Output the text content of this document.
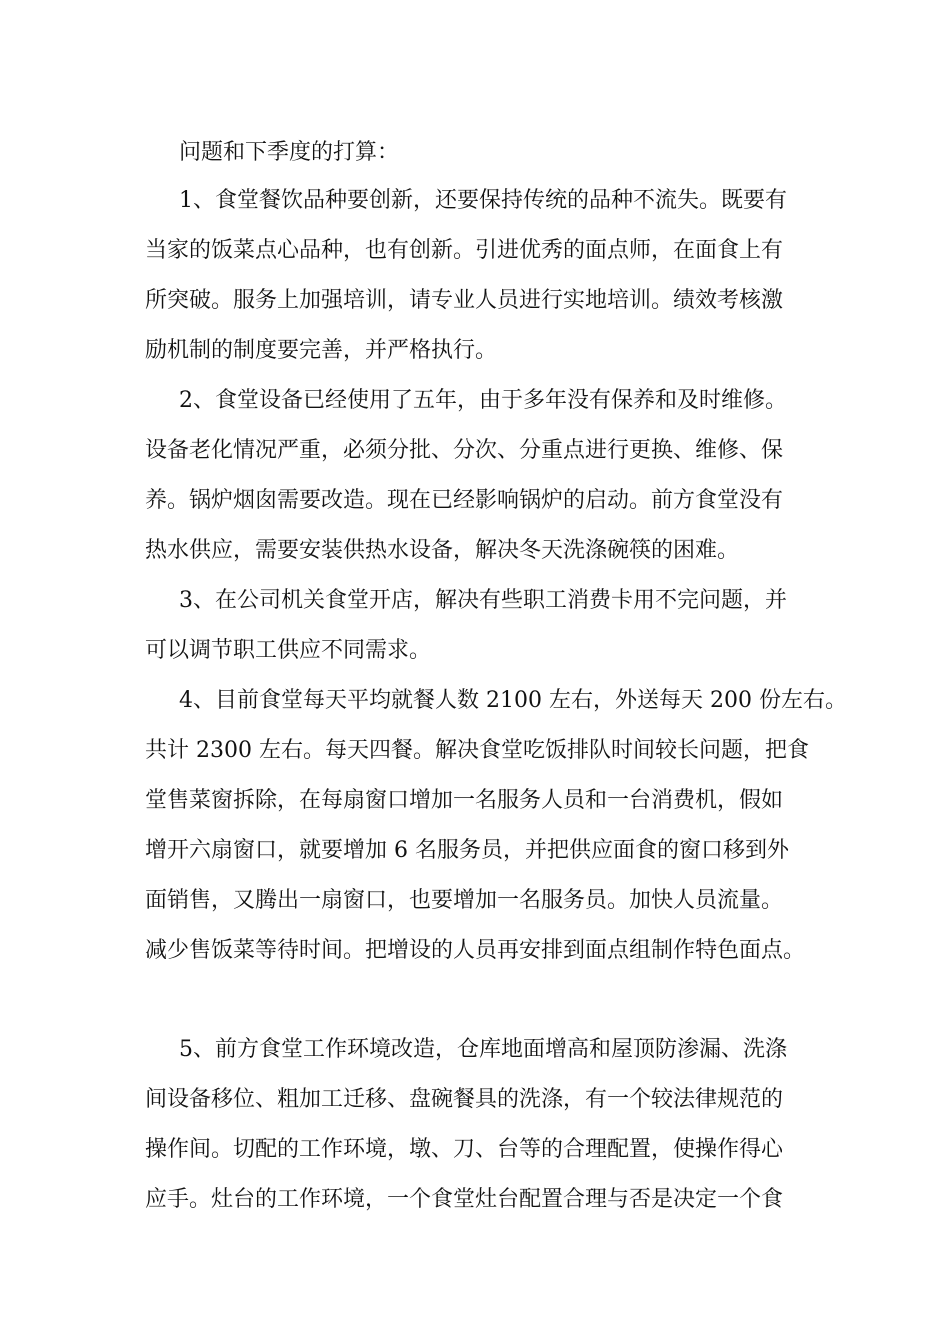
问题和下季度的打算：

1、食堂餐饮品种要创新，还要保持传统的品种不流失。既要有

当家的饭菜点心品种，也有创新。引进优秀的面点师，在面食上有

所突破。服务上加强培训，请专业人员进行实地培训。绩效考核激

励机制的制度要完善，并严格执行。

2、食堂设备已经使用了五年，由于多年没有保养和及时维修。

设备老化情况严重，必须分批、分次、分重点进行更换、维修、保

养。锅炉烟囱需要改造。现在已经影响锅炉的启动。前方食堂没有

热水供应，需要安装供热水设备，解决冬天洗涤碗筷的困难。

3、在公司机关食堂开店，解决有些职工消费卡用不完问题，并

可以调节职工供应不同需求。

4、目前食堂每天平均就餐人数 2100 左右，外送每天 200 份左右。

共计 2300 左右。每天四餐。解决食堂吃饭排队时间较长问题，把食

堂售菜窗拆除，在每扇窗口增加一名服务人员和一台消费机，假如

增开六扇窗口，就要增加 6 名服务员，并把供应面食的窗口移到外

面销售，又腾出一扇窗口，也要增加一名服务员。加快人员流量。

减少售饭菜等待时间。把增设的人员再安排到面点组制作特色面点。

5、前方食堂工作环境改造，仓库地面增高和屋顶防渗漏、洗涤

间设备移位、粗加工迁移、盘碗餐具的洗涤，有一个较法律规范的

操作间。切配的工作环境，墩、刀、台等的合理配置，使操作得心

应手。灶台的工作环境，一个食堂灶台配置合理与否是决定一个食
